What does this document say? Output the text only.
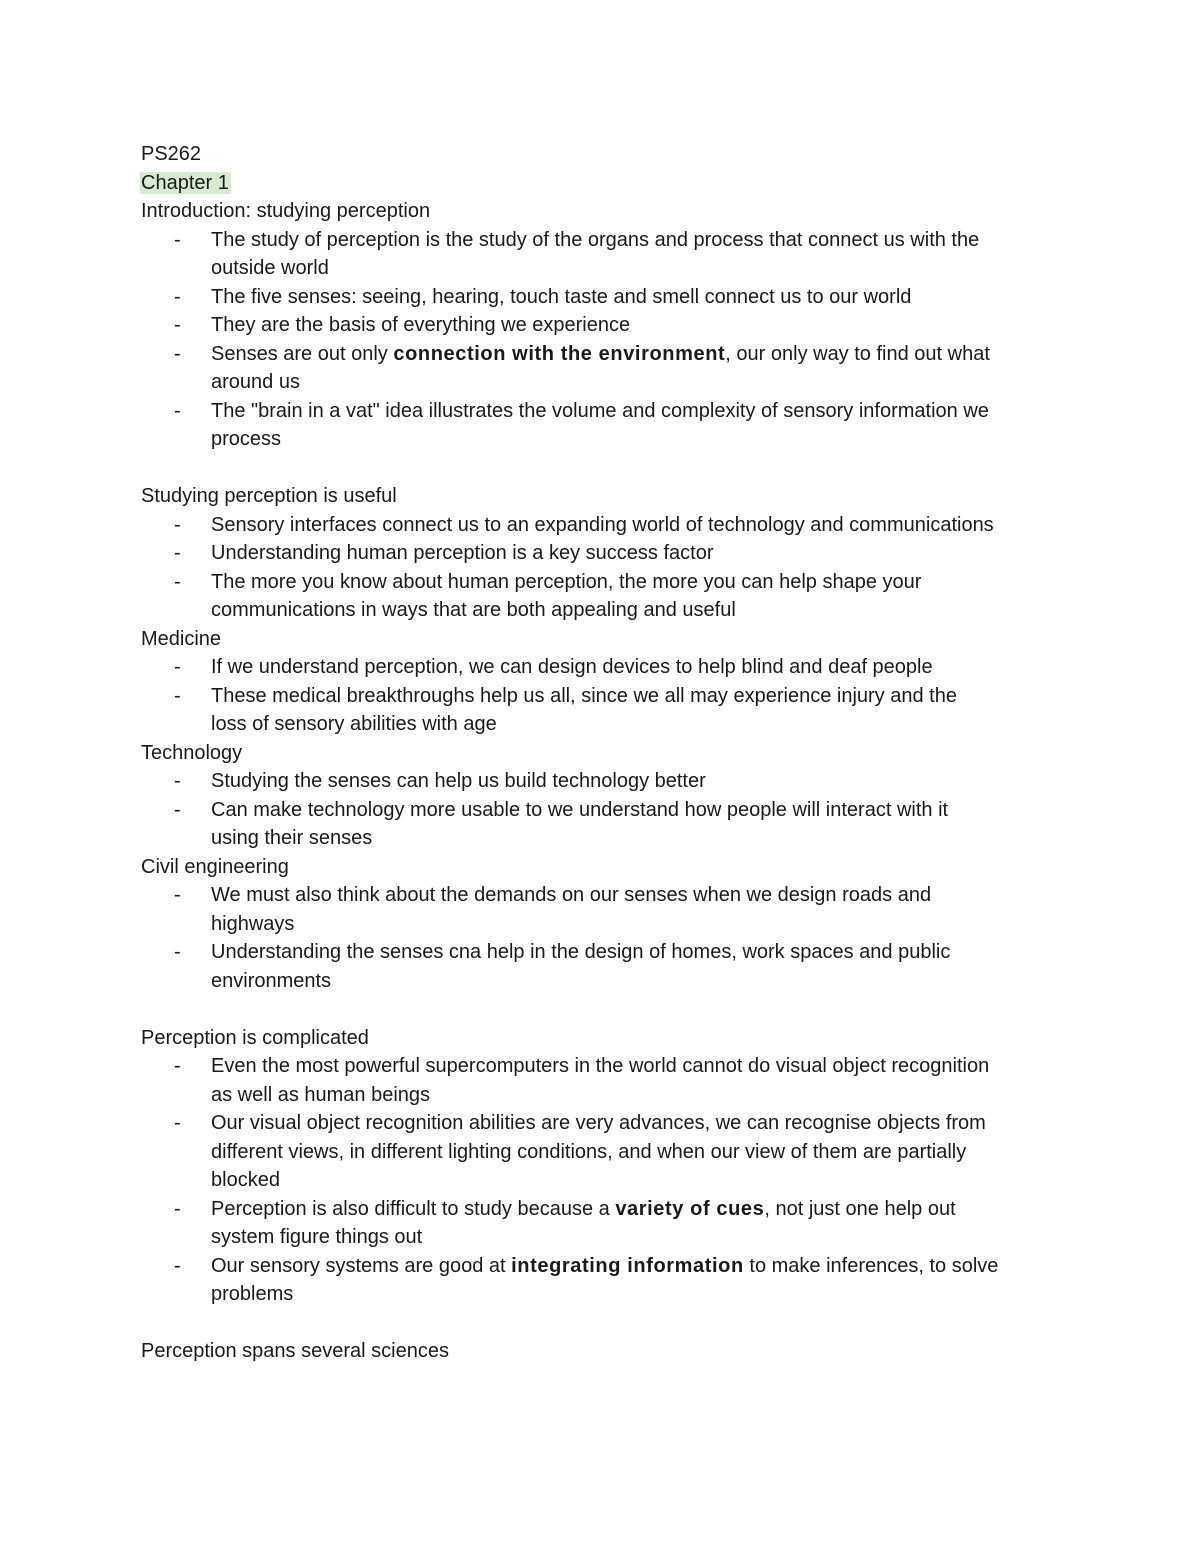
PS262
Chapter 1
Introduction: studying perception
- The study of perception is the study of the organs and process that connect us with the
outside world
- The five senses: seeing, hearing, touch taste and smell connect us to our world
- They are the basis of everything we experience
- Senses are out only connection with the environment, our only way to find out what
around us
- The "brain in a vat" idea illustrates the volume and complexity of sensory information we
process
Studying perception is useful
- Sensory interfaces connect us to an expanding world of technology and communications
- Understanding human perception is a key success factor
- The more you know about human perception, the more you can help shape your
communications in ways that are both appealing and useful
Medicine
- If we understand perception, we can design devices to help blind and deaf people
- These medical breakthroughs help us all, since we all may experience injury and the
loss of sensory abilities with age
Technology
- Studying the senses can help us build technology better
- Can make technology more usable to we understand how people will interact with it
using their senses
Civil engineering
- We must also think about the demands on our senses when we design roads and
highways
- Understanding the senses cna help in the design of homes, work spaces and public
environments
Perception is complicated
- Even the most powerful supercomputers in the world cannot do visual object recognition
as well as human beings
- Our visual object recognition abilities are very advances, we can recognise objects from
different views, in different lighting conditions, and when our view of them are partially
blocked
- Perception is also difficult to study because a variety of cues, not just one help out
system figure things out
- Our sensory systems are good at integrating information to make inferences, to solve
problems
Perception spans several sciences
